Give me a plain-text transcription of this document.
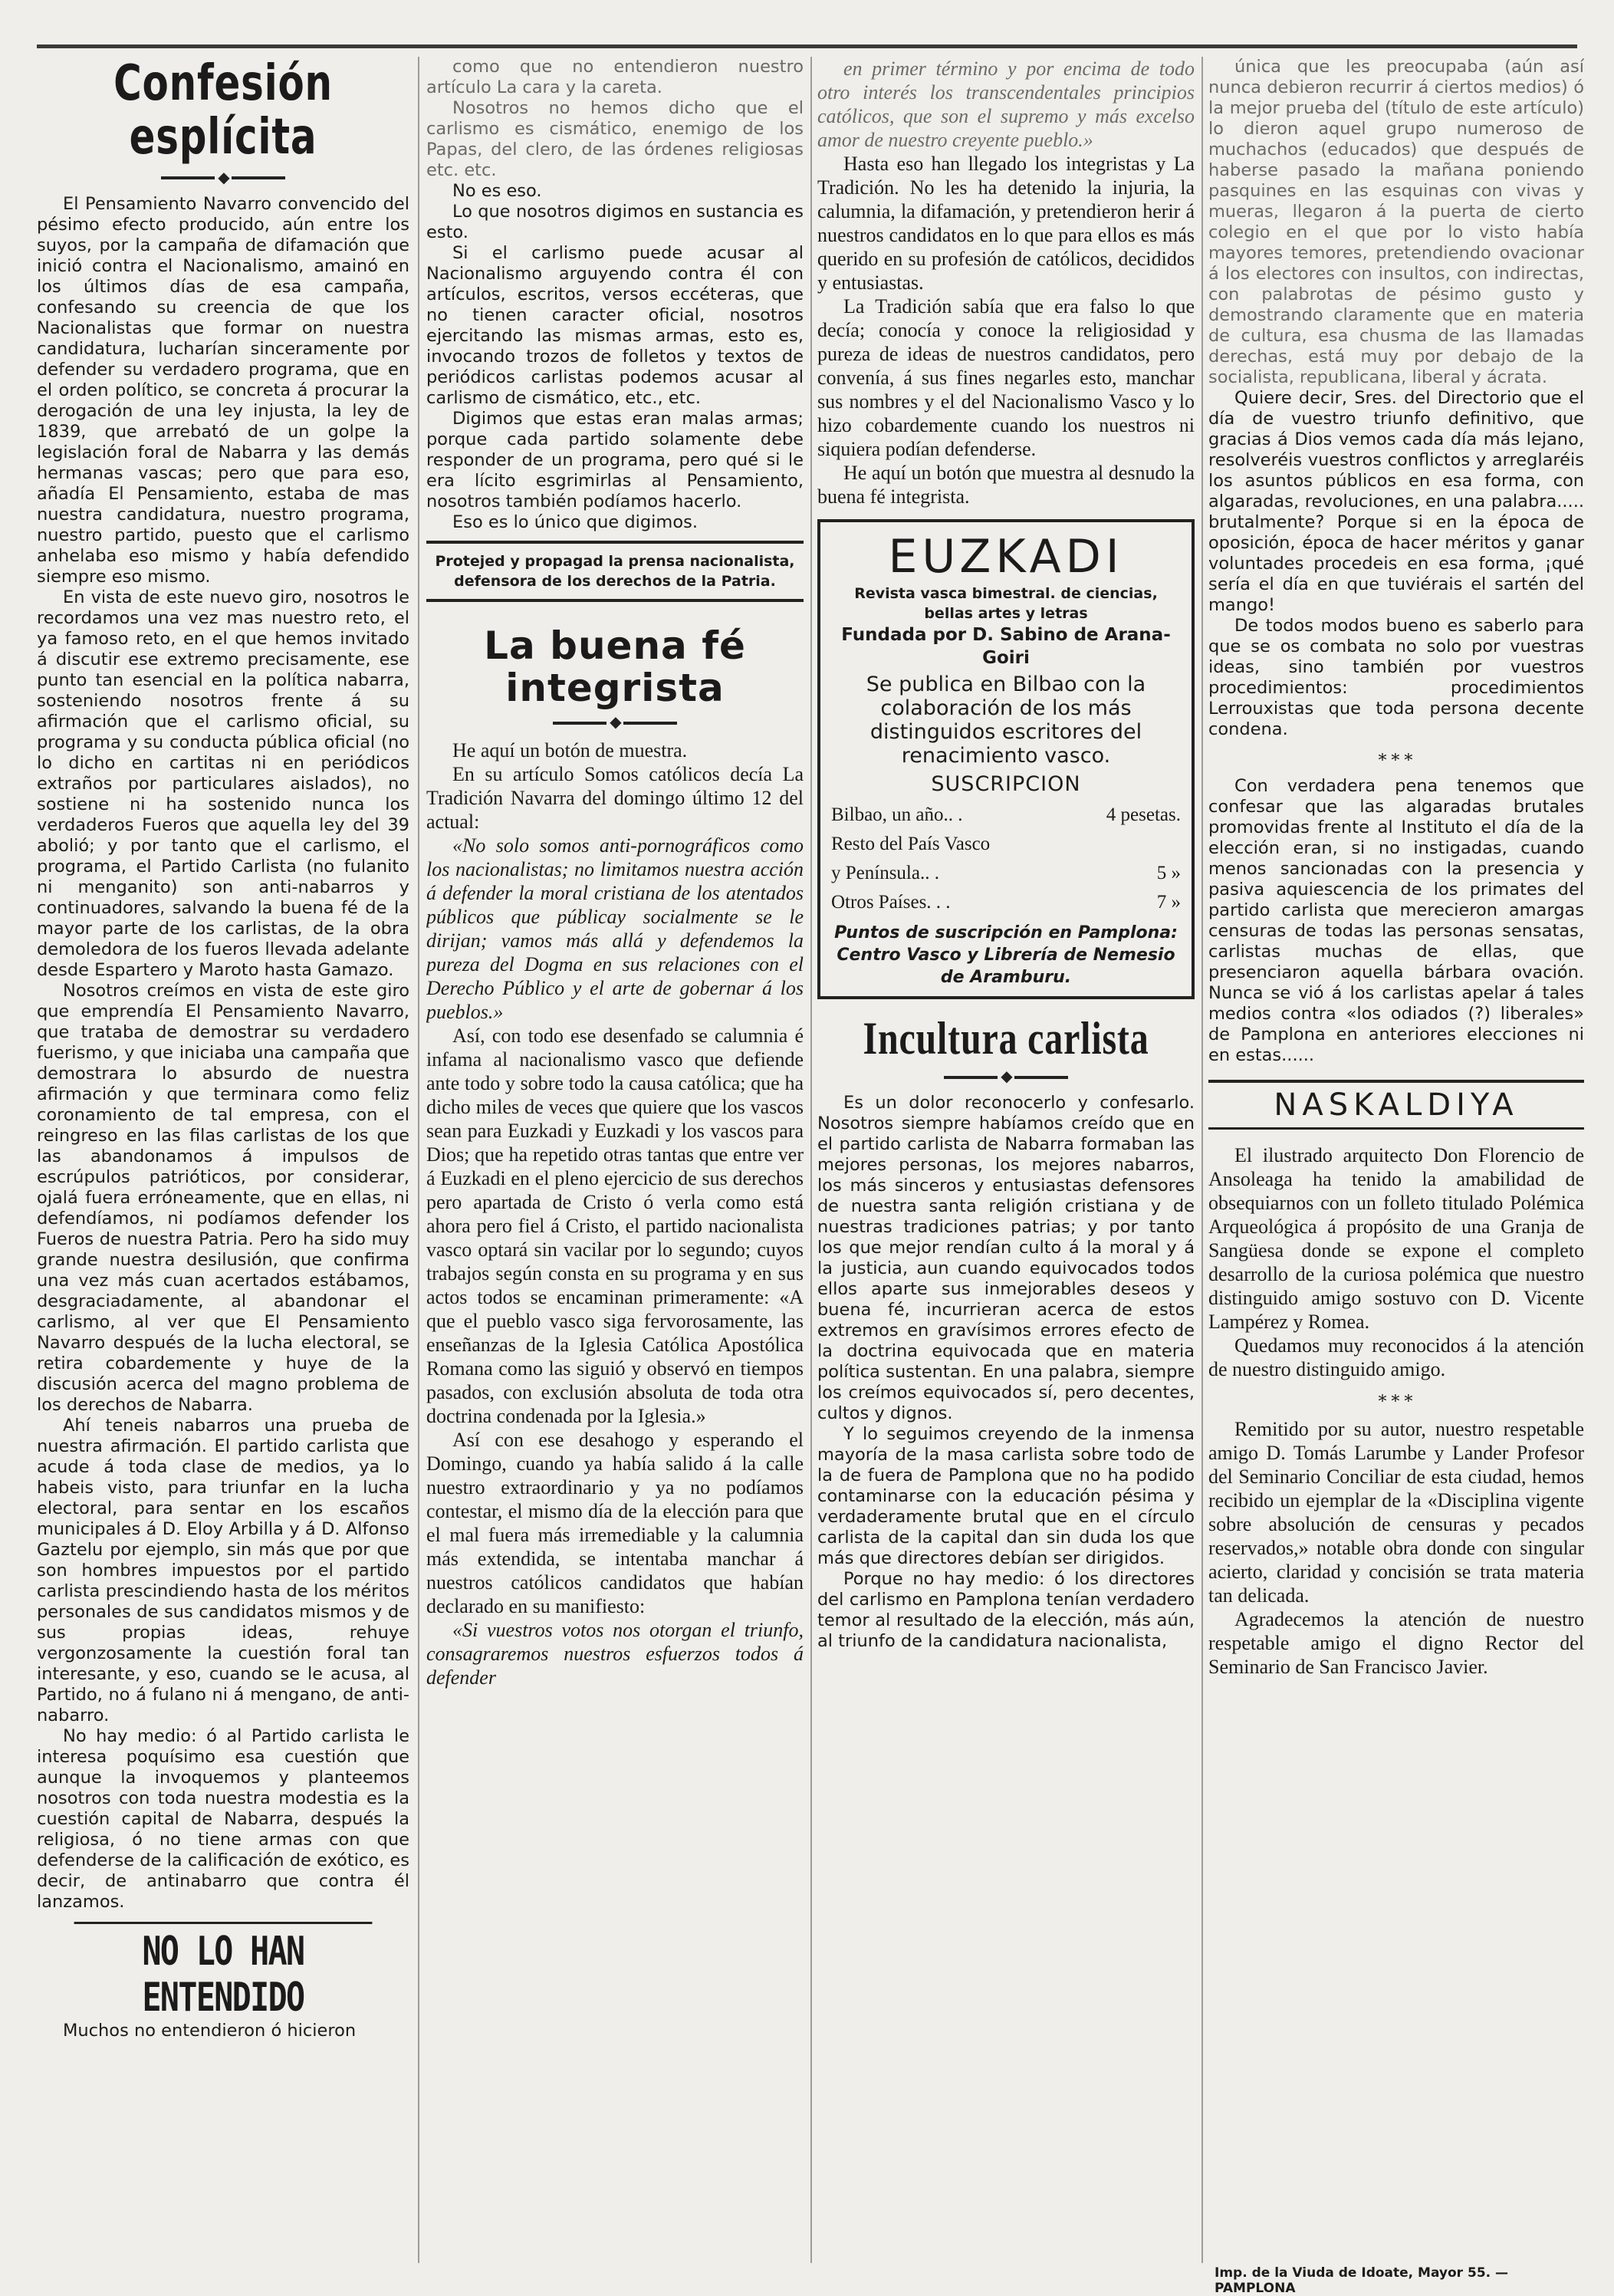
Confesión esplícita
◆

El Pensamiento Navarro convencido del pésimo efecto producido, aún entre los suyos, por la campaña de difamación que inició contra el Nacionalismo, amainó en los últimos días de esa campaña, confesando su creencia de que los Nacionalistas que formar on nuestra candidatura, lucharían sinceramente por defender su verdadero programa, que en el orden político, se concreta á procurar la derogación de una ley injusta, la ley de 1839, que arrebató de un golpe la legislación foral de Nabarra y las demás hermanas vascas; pero que para eso, añadía El Pensamiento, estaba de mas nuestra candidatura, nuestro programa, nuestro partido, puesto que el carlismo anhelaba eso mismo y había defendido siempre eso mismo.

En vista de este nuevo giro, nosotros le recordamos una vez mas nuestro reto, el ya famoso reto, en el que hemos invitado á discutir ese extremo precisamente, ese punto tan esencial en la política nabarra, sosteniendo nosotros frente á su afirmación que el carlismo oficial, su programa y su conducta pública oficial (no lo dicho en cartitas ni en periódicos extraños por particulares aislados), no sostiene ni ha sostenido nunca los verdaderos Fueros que aquella ley del 39 abolió; y por tanto que el carlismo, el programa, el Partido Carlista (no fulanito ni menganito) son anti-nabarros y continuadores, salvando la buena fé de la mayor parte de los carlistas, de la obra demoledora de los fueros llevada adelante desde Espartero y Maroto hasta Gamazo.

Nosotros creímos en vista de este giro que emprendía El Pensamiento Navarro, que trataba de demostrar su verdadero fuerismo, y que iniciaba una campaña que demostrara lo absurdo de nuestra afirmación y que terminara como feliz coronamiento de tal empresa, con el reingreso en las filas carlistas de los que las abandonamos á impulsos de escrúpulos patrióticos, por considerar, ojalá fuera erróneamente, que en ellas, ni defendíamos, ni podíamos defender los Fueros de nuestra Patria. Pero ha sido muy grande nuestra desilusión, que confirma una vez más cuan acertados estábamos, desgraciadamente, al abandonar el carlismo, al ver que El Pensamiento Navarro después de la lucha electoral, se retira cobardemente y huye de la discusión acerca del magno problema de los derechos de Nabarra.

Ahí teneis nabarros una prueba de nuestra afirmación. El partido carlista que acude á toda clase de medios, ya lo habeis visto, para triunfar en la lucha electoral, para sentar en los escaños municipales á D. Eloy Arbilla y á D. Alfonso Gaztelu por ejemplo, sin más que por que son hombres impuestos por el partido carlista prescindiendo hasta de los méritos personales de sus candidatos mismos y de sus propias ideas, rehuye vergonzosamente la cuestión foral tan interesante, y eso, cuando se le acusa, al Partido, no á fulano ni á mengano, de anti-nabarro.

No hay medio: ó al Partido carlista le interesa poquísimo esa cuestión que aunque la invoquemos y planteemos nosotros con toda nuestra modestia es la cuestión capital de Nabarra, después la religiosa, ó no tiene armas con que defenderse de la calificación de exótico, es decir, de antinabarro que contra él lanzamos.

NO LO HAN ENTENDIDO

Muchos no entendieron ó hicieron

como que no entendieron nuestro artículo La cara y la careta.

Nosotros no hemos dicho que el carlismo es cismático, enemigo de los Papas, del clero, de las órdenes religiosas etc. etc.

No es eso.

Lo que nosotros digimos en sustancia es esto.

Si el carlismo puede acusar al Nacionalismo arguyendo contra él con artículos, escritos, versos eccéteras, que no tienen caracter oficial, nosotros ejercitando las mismas armas, esto es, invocando trozos de folletos y textos de periódicos carlistas podemos acusar al carlismo de cismático, etc., etc.

Digimos que estas eran malas armas; porque cada partido solamente debe responder de un programa, pero qué si le era lícito esgrimirlas al Pensamiento, nosotros también podíamos hacerlo.

Eso es lo único que digimos.

Protejed y propagad la prensa nacionalista, defensora de los derechos de la Patria.
La buena fé integrista
◆

He aquí un botón de muestra.

En su artículo Somos católicos decía La Tradición Navarra del domingo último 12 del actual:

«No solo somos anti-pornográficos como los nacionalistas; no limitamos nuestra acción á defender la moral cristiana de los atentados públicos que públicay socialmente se le dirijan; vamos más allá y defendemos la pureza del Dogma en sus relaciones con el Derecho Público y el arte de gobernar á los pueblos.»

Así, con todo ese desenfado se calumnia é infama al nacionalismo vasco que defiende ante todo y sobre todo la causa católica; que ha dicho miles de veces que quiere que los vascos sean para Euzkadi y Euzkadi y los vascos para Dios; que ha repetido otras tantas que entre ver á Euzkadi en el pleno ejercicio de sus derechos pero apartada de Cristo ó verla como está ahora pero fiel á Cristo, el partido nacionalista vasco optará sin vacilar por lo segundo; cuyos trabajos según consta en su programa y en sus actos todos se encaminan primeramente: «A que el pueblo vasco siga fervorosamente, las enseñanzas de la Iglesia Católica Apostólica Romana como las siguió y observó en tiempos pasados, con exclusión absoluta de toda otra doctrina condenada por la Iglesia.»

Así con ese desahogo y esperando el Domingo, cuando ya había salido á la calle nuestro extraordinario y ya no podíamos contestar, el mismo día de la elección para que el mal fuera más irremediable y la calumnia más extendida, se intentaba manchar á nuestros católicos candidatos que habían declarado en su manifiesto:

«Si vuestros votos nos otorgan el triunfo, consagraremos nuestros esfuerzos todos á defender

en primer término y por encima de todo otro interés los transcendentales principios católicos, que son el supremo y más excelso amor de nuestro creyente pueblo.»

Hasta eso han llegado los integristas y La Tradición. No les ha detenido la injuria, la calumnia, la difamación, y pretendieron herir á nuestros candidatos en lo que para ellos es más querido en su profesión de católicos, decididos y entusiastas.

La Tradición sabía que era falso lo que decía; conocía y conoce la religiosidad y pureza de ideas de nuestros candidatos, pero convenía, á sus fines negarles esto, manchar sus nombres y el del Nacionalismo Vasco y lo hizo cobardemente cuando los nuestros ni siquiera podían defenderse.

He aquí un botón que muestra al desnudo la buena fé integrista.

EUZKADI
Revista vasca bimestral. de ciencias, bellas artes y letras
Fundada por D. Sabino de Arana-Goiri
Se publica en Bilbao con la colaboración de los más distinguidos escritores del renacimiento vasco.
SUSCRIPCION
Bilbao, un año.. .	4 pesetas.
Resto del País Vasco
y Península.. .	5 »
Otros Países. . .	7 »
Puntos de suscripción en Pamplona: Centro Vasco y Librería de Nemesio de Aramburu.
Incultura carlista
◆

Es un dolor reconocerlo y confesarlo. Nosotros siempre habíamos creído que en el partido carlista de Nabarra formaban las mejores personas, los mejores nabarros, los más sinceros y entusiastas defensores de nuestra santa religión cristiana y de nuestras tradiciones patrias; y por tanto los que mejor rendían culto á la moral y á la justicia, aun cuando equivocados todos ellos aparte sus inmejorables deseos y buena fé, incurrieran acerca de estos extremos en gravísimos errores efecto de la doctrina equivocada que en materia política sustentan. En una palabra, siempre los creímos equivocados sí, pero decentes, cultos y dignos.

Y lo seguimos creyendo de la inmensa mayoría de la masa carlista sobre todo de la de fuera de Pamplona que no ha podido contaminarse con la educación pésima y verdaderamente brutal que en el círculo carlista de la capital dan sin duda los que más que directores debían ser dirigidos.

Porque no hay medio: ó los directores del carlismo en Pamplona tenían verdadero temor al resultado de la elección, más aún, al triunfo de la candidatura nacionalista,

única que les preocupaba (aún así nunca debieron recurrir á ciertos medios) ó la mejor prueba del (título de este artículo) lo dieron aquel grupo numeroso de muchachos (educados) que después de haberse pasado la mañana poniendo pasquines en las esquinas con vivas y mueras, llegaron á la puerta de cierto colegio en el que por lo visto había mayores temores, pretendiendo ovacionar á los electores con insultos, con indirectas, con palabrotas de pésimo gusto y demostrando claramente que en materia de cultura, esa chusma de las llamadas derechas, está muy por debajo de la socialista, republicana, liberal y ácrata.

Quiere decir, Sres. del Directorio que el día de vuestro triunfo definitivo, que gracias á Dios vemos cada día más lejano, resolveréis vuestros conflictos y arreglaréis los asuntos públicos en esa forma, con algaradas, revoluciones, en una palabra..... brutalmente? Porque si en la época de oposición, época de hacer méritos y ganar voluntades procedeis en esa forma, ¡qué sería el día en que tuviérais el sartén del mango!

De todos modos bueno es saberlo para que se os combata no solo por vuestras ideas, sino también por vuestros procedimientos: procedimientos Lerrouxistas que toda persona decente condena.

∗∗∗

Con verdadera pena tenemos que confesar que las algaradas brutales promovidas frente al Instituto el día de la elección eran, si no instigadas, cuando menos sancionadas con la presencia y pasiva aquiescencia de los primates del partido carlista que merecieron amargas censuras de todas las personas sensatas, carlistas muchas de ellas, que presenciaron aquella bárbara ovación. Nunca se vió á los carlistas apelar á tales medios contra «los odiados (?) liberales» de Pamplona en anteriores elecciones ni en estas......

NASKALDIYA

El ilustrado arquitecto Don Florencio de Ansoleaga ha tenido la amabilidad de obsequiarnos con un folleto titulado Polémica Arqueológica á propósito de una Granja de Sangüesa donde se expone el completo desarrollo de la curiosa polémica que nuestro distinguido amigo sostuvo con D. Vicente Lampérez y Romea.

Quedamos muy reconocidos á la atención de nuestro distinguido amigo.

∗∗∗

Remitido por su autor, nuestro respetable amigo D. Tomás Larumbe y Lander Profesor del Seminario Conciliar de esta ciudad, hemos recibido un ejemplar de la «Disciplina vigente sobre absolución de censuras y pecados reservados,» notable obra donde con singular acierto, claridad y concisión se trata materia tan delicada.

Agradecemos la atención de nuestro respetable amigo el digno Rector del Seminario de San Francisco Javier.

Imp. de la Viuda de Idoate, Mayor 55. — PAMPLONA
